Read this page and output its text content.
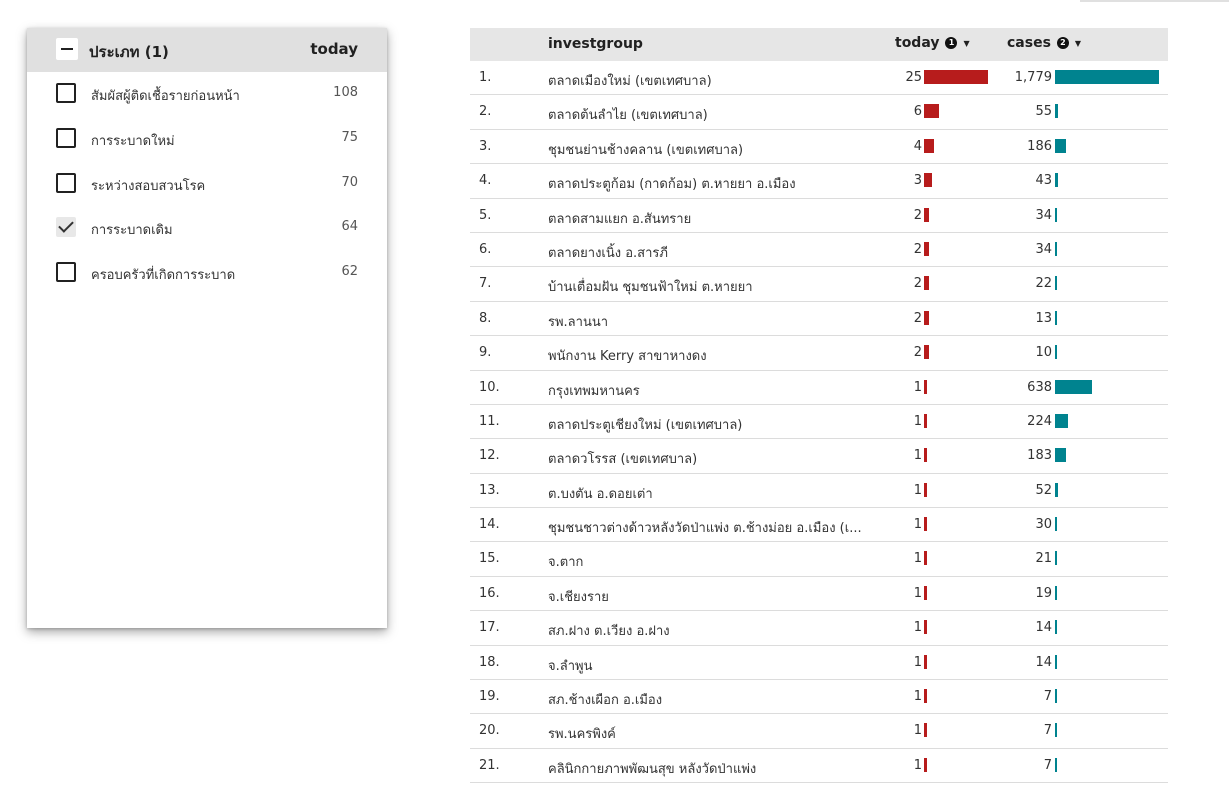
ประเภท (1)	today
สัมผัสผู้ติดเชื้อรายก่อนหน้า	108
การระบาดใหม่	75
ระหว่างสอบสวนโรค	70
การระบาดเดิม	64
ครอบครัวที่เกิดการระบาด	62
investgroup	today	1	▼	cases	2	▼
1.	ตลาดเมืองใหม่ (เขตเทศบาล)	25	1,779
2.	ตลาดต้นลำไย (เขตเทศบาล)	6	55
3.	ชุมชนย่านช้างคลาน (เขตเทศบาล)	4	186
4.	ตลาดประตูก้อม (กาดก้อม) ต.หายยา อ.เมือง	3	43
5.	ตลาดสามแยก อ.สันทราย	2	34
6.	ตลาดยางเนิ้ง อ.สารภี	2	34
7.	บ้านเตื่อมฝัน ชุมชนฟ้าใหม่ ต.หายยา	2	22
8.	รพ.ลานนา	2	13
9.	พนักงาน Kerry สาขาหางดง	2	10
10.	กรุงเทพมหานคร	1	638
11.	ตลาดประตูเชียงใหม่ (เขตเทศบาล)	1	224
12.	ตลาดวโรรส (เขตเทศบาล)	1	183
13.	ต.บงตัน อ.ดอยเต่า	1	52
14.	ชุมชนชาวต่างด้าวหลังวัดป่าแพ่ง ต.ช้างม่อย อ.เมือง (เ...	1	30
15.	จ.ตาก	1	21
16.	จ.เชียงราย	1	19
17.	สภ.ฝาง ต.เวียง อ.ฝาง	1	14
18.	จ.ลำพูน	1	14
19.	สภ.ช้างเผือก อ.เมือง	1	7
20.	รพ.นครพิงค์	1	7
21.	คลินิกกายภาพพัฒนสุข หลังวัดป่าแพ่ง	1	7
